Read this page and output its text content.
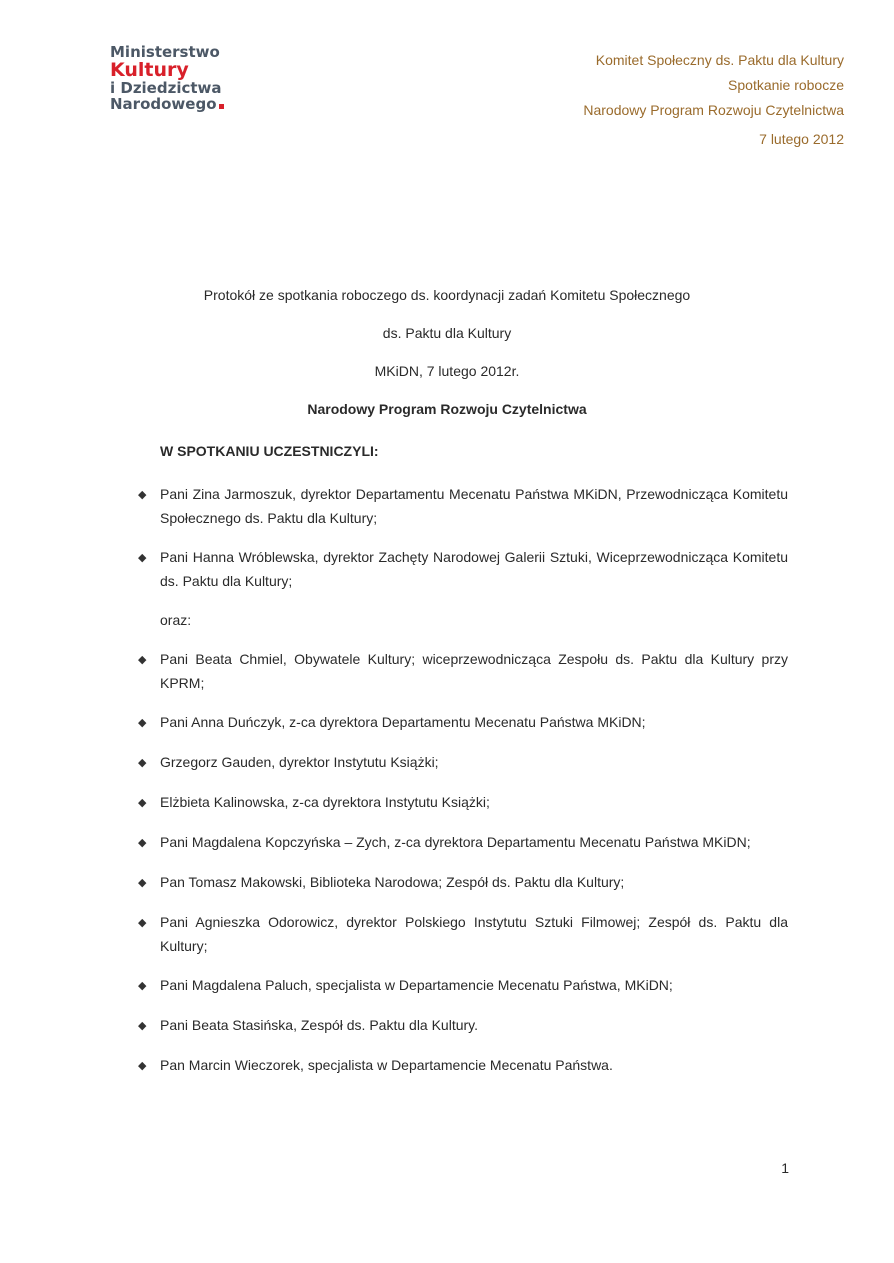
Ministerstwo
Kultury
i Dziedzictwa
Narodowego
Komitet Społeczny ds. Paktu dla Kultury
Spotkanie robocze
Narodowy Program Rozwoju Czytelnictwa
7 lutego 2012
Protokół ze spotkania roboczego ds. koordynacji zadań Komitetu Społecznego
ds. Paktu dla Kultury
MKiDN, 7 lutego 2012r.
Narodowy Program Rozwoju Czytelnictwa
W SPOTKANIU UCZESTNICZYLI:
◆ Pani Zina Jarmoszuk, dyrektor Departamentu Mecenatu Państwa MKiDN, Przewodnicząca Komitetu Społecznego ds. Paktu dla Kultury;
◆ Pani Hanna Wróblewska, dyrektor Zachęty Narodowej Galerii Sztuki, Wiceprzewodnicząca Komitetu ds. Paktu dla Kultury;
oraz:
◆ Pani Beata Chmiel, Obywatele Kultury; wiceprzewodnicząca Zespołu ds. Paktu dla Kultury przy KPRM;
◆ Pani Anna Duńczyk, z-ca dyrektora Departamentu Mecenatu Państwa MKiDN;
◆ Grzegorz Gauden, dyrektor Instytutu Książki;
◆ Elżbieta Kalinowska, z-ca dyrektora Instytutu Książki;
◆ Pani Magdalena Kopczyńska – Zych, z-ca dyrektora Departamentu Mecenatu Państwa MKiDN;
◆ Pan Tomasz Makowski, Biblioteka Narodowa; Zespół ds. Paktu dla Kultury;
◆ Pani Agnieszka Odorowicz, dyrektor Polskiego Instytutu Sztuki Filmowej; Zespół ds. Paktu dla Kultury;
◆ Pani Magdalena Paluch, specjalista w Departamencie Mecenatu Państwa, MKiDN;
◆ Pani Beata Stasińska, Zespół ds. Paktu dla Kultury.
◆ Pan Marcin Wieczorek, specjalista w Departamencie Mecenatu Państwa.
1
